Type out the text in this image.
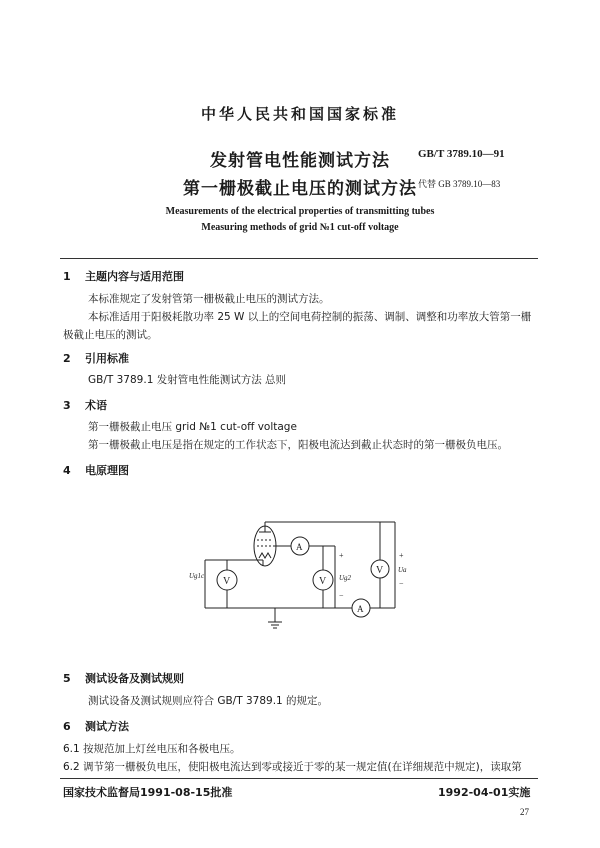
中华人民共和国国家标准
发射管电性能测试方法
第一栅极截止电压的测试方法
GB/T 3789.10—91
代替 GB 3789.10—83
Measurements of the electrical properties of transmitting tubes
Measuring methods of grid №1 cut-off voltage
1 主题内容与适用范围
本标准规定了发射管第一栅极截止电压的测试方法。
本标准适用于阳极耗散功率 25 W 以上的空间电荷控制的振荡、调制、调整和功率放大管第一栅极截止电压的测试。
2 引用标准
GB/T 3789.1 发射管电性能测试方法 总则
3 术语
第一栅极截止电压 grid №1 cut-off voltage
第一栅极截止电压是指在规定的工作状态下，阳极电流达到截止状态时的第一栅极负电压。
4 电原理图
V
Ug1c
A
V
+
Ug2
−
V
+
Ua
−
A
5 测试设备及测试规则
测试设备及测试规则应符合 GB/T 3789.1 的规定。
6 测试方法
6.1 按规范加上灯丝电压和各极电压。
6.2 调节第一栅极负电压，使阳极电流达到零或接近于零的某一规定值(在详细规范中规定)，读取第
国家技术监督局1991-08-15批准	1992-04-01实施
27
